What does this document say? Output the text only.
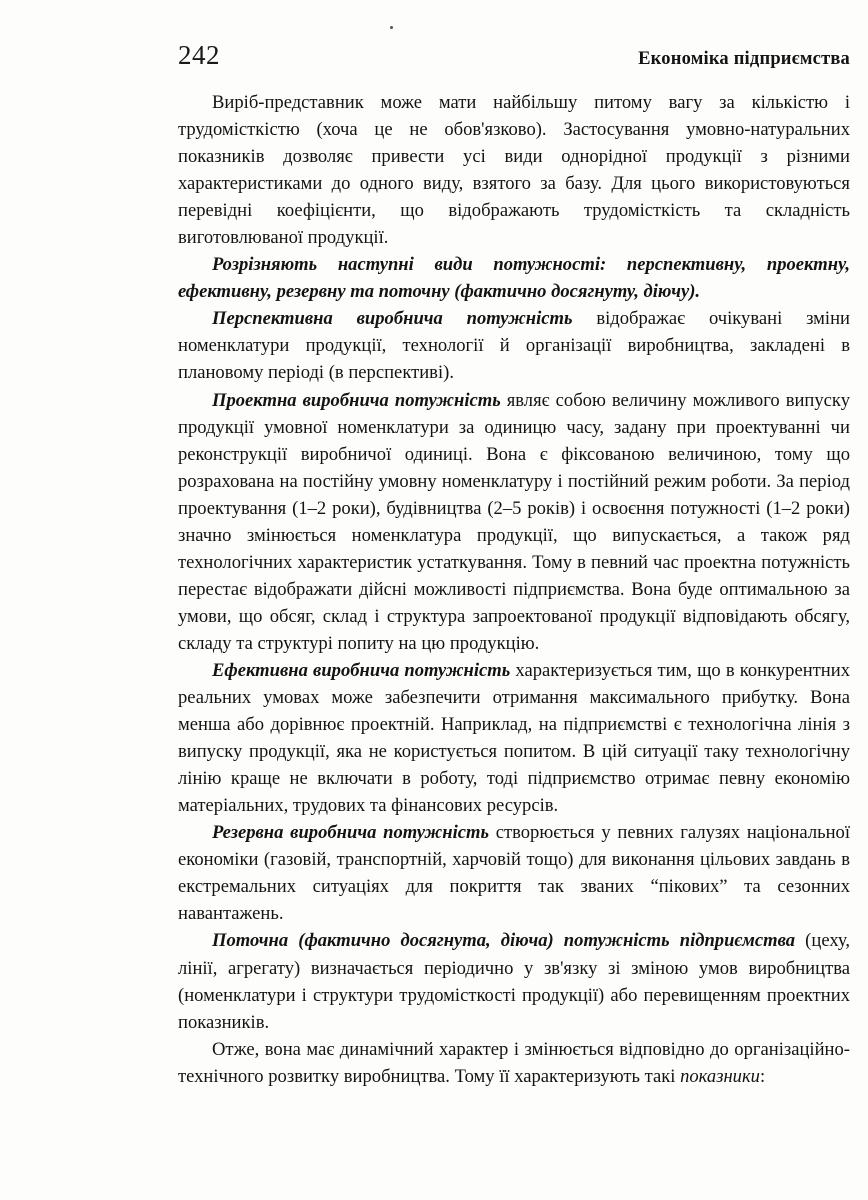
242	Економіка підприємства

Виріб-представник може мати найбільшу питому вагу за кількістю і трудомісткістю (хоча це не обов'язково). Застосування умовно-натуральних показників дозволяє привести усі види однорідної продукції з різними характеристиками до одного виду, взятого за базу. Для цього використовуються перевідні коефіцієнти, що відображають трудомісткість та складність виготовлюваної продукції.

Розрізняють наступні види потужності: перспективну, проектну, ефективну, резервну та поточну (фактично досягнуту, діючу).

Перспективна виробнича потужність відображає очікувані зміни номенклатури продукції, технології й організації виробництва, закладені в плановому періоді (в перспективі).

Проектна виробнича потужність являє собою величину можливого випуску продукції умовної номенклатури за одиницю часу, задану при проектуванні чи реконструкції виробничої одиниці. Вона є фіксованою величиною, тому що розрахована на постійну умовну номенклатуру і постійний режим роботи. За період проектування (1–2 роки), будівництва (2–5 років) і освоєння потужності (1–2 роки) значно змінюється номенклатура продукції, що випускається, а також ряд технологічних характеристик устаткування. Тому в певний час проектна потужність перестає відображати дійсні можливості підприємства. Вона буде оптимальною за умови, що обсяг, склад і структура запроектованої продукції відповідають обсягу, складу та структурі попиту на цю продукцію.

Ефективна виробнича потужність характеризується тим, що в конкурентних реальних умовах може забезпечити отримання максимального прибутку. Вона менша або дорівнює проектній. Наприклад, на підприємстві є технологічна лінія з випуску продукції, яка не користується попитом. В цій ситуації таку технологічну лінію краще не включати в роботу, тоді підприємство отримає певну економію матеріальних, трудових та фінансових ресурсів.

Резервна виробнича потужність створюється у певних галузях національної економіки (газовій, транспортній, харчовій тощо) для виконання цільових завдань в екстремальних ситуаціях для покриття так званих “пікових” та сезонних навантажень.

Поточна (фактично досягнута, діюча) потужність підприємства (цеху, лінії, агрегату) визначається періодично у зв'язку зі зміною умов виробництва (номенклатури і структури трудомісткості продукції) або перевищенням проектних показників.

Отже, вона має динамічний характер і змінюється відповідно до організаційно-технічного розвитку виробництва. Тому її характеризують такі показники:
